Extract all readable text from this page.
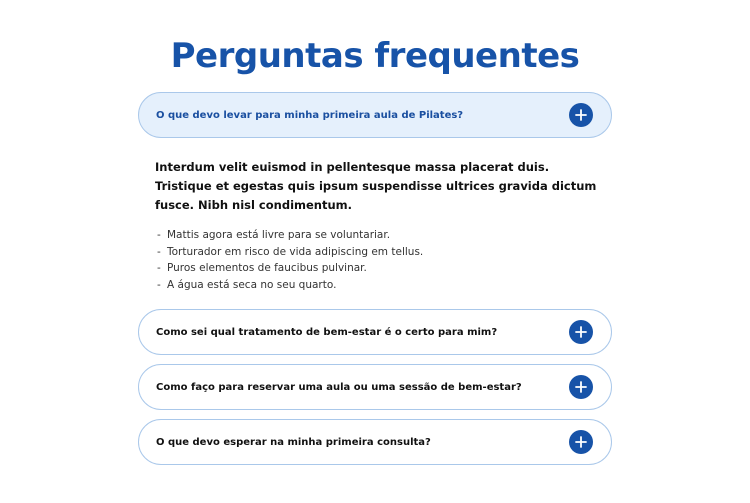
Perguntas frequentes
O que devo levar para minha primeira aula de Pilates?

Interdum velit euismod in pellentesque massa placerat duis. Tristique et egestas quis ipsum suspendisse ultrices gravida dictum fusce. Nibh nisl condimentum.

- Mattis agora está livre para se voluntariar.
- Torturador em risco de vida adipiscing em tellus.
- Puros elementos de faucibus pulvinar.
- A água está seca no seu quarto.
Como sei qual tratamento de bem-estar é o certo para mim?
Como faço para reservar uma aula ou uma sessão de bem-estar?
O que devo esperar na minha primeira consulta?
